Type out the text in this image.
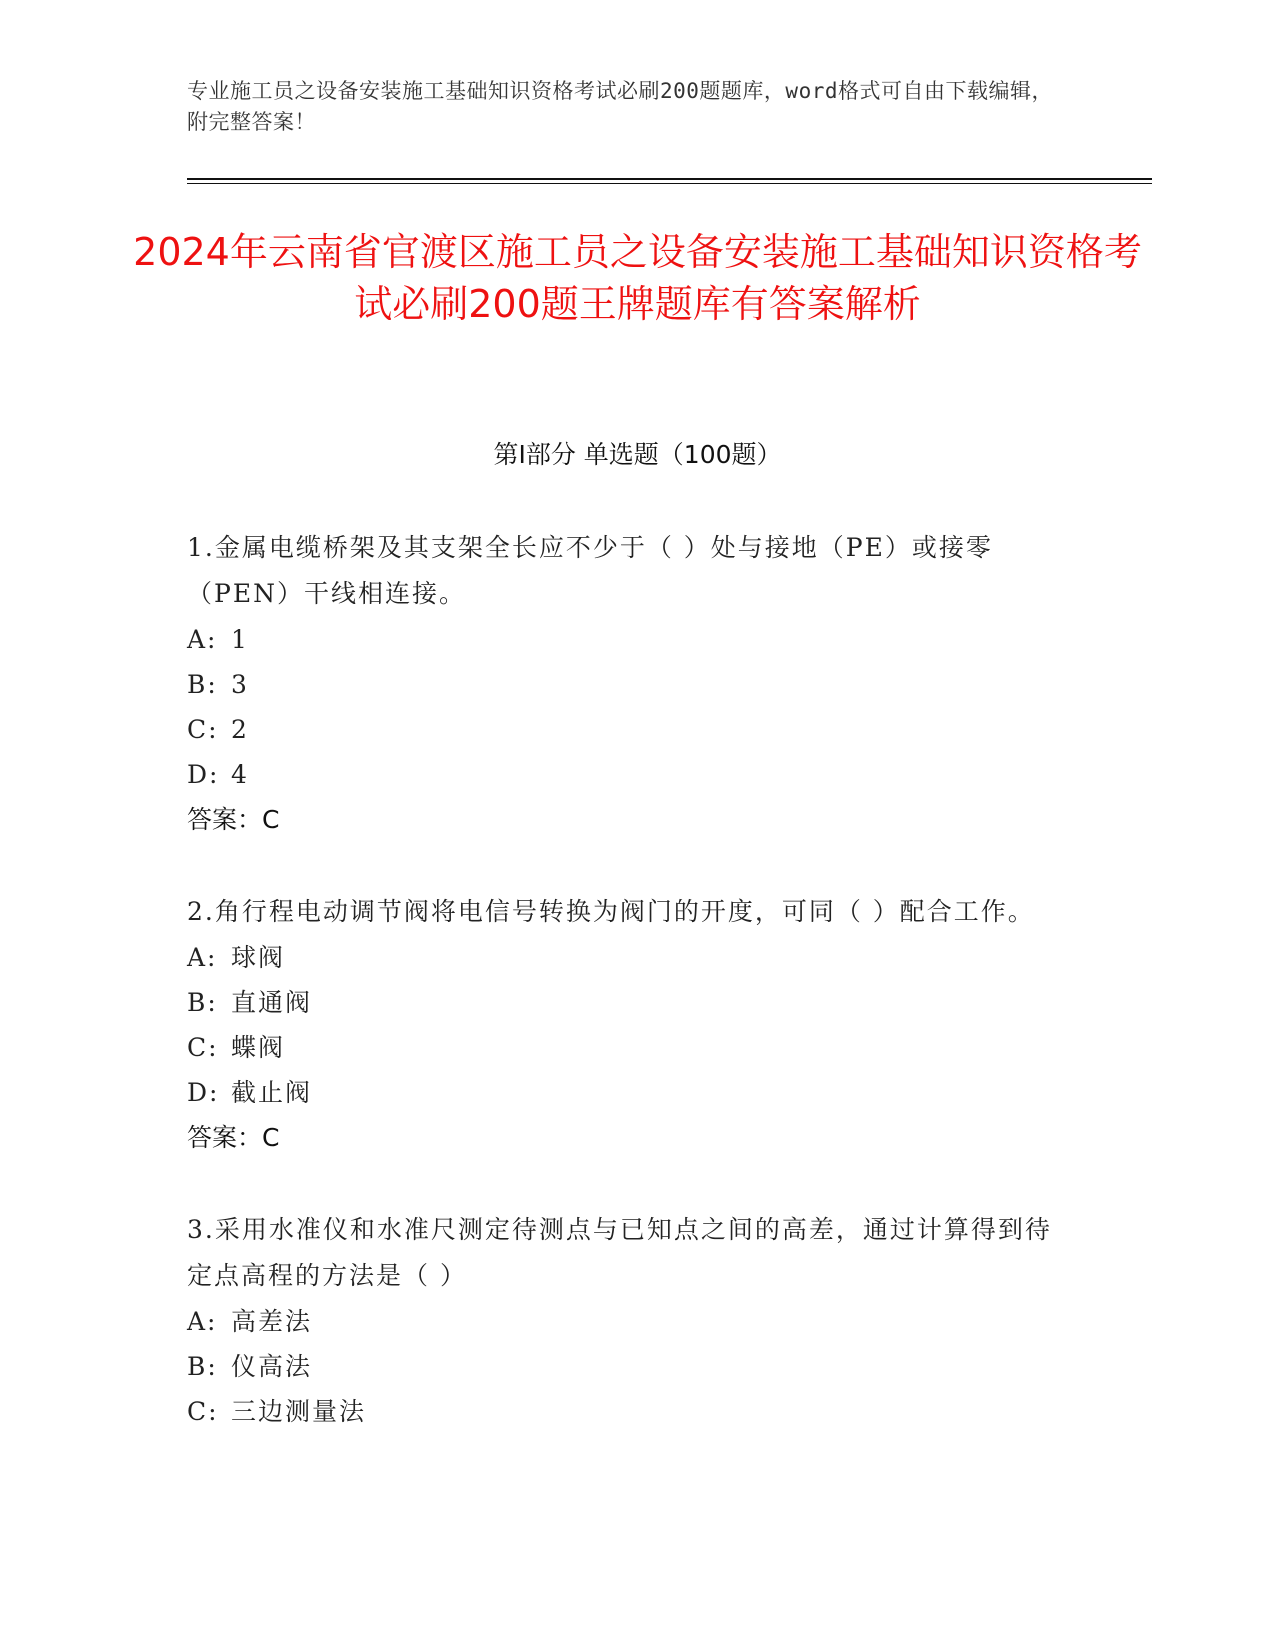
专业施工员之设备安装施工基础知识资格考试必刷200题题库，word格式可自由下载编辑，附完整答案！
2024年云南省官渡区施工员之设备安装施工基础知识资格考试必刷200题王牌题库有答案解析
第Ⅰ部分 单选题（100题）
1.金属电缆桥架及其支架全长应不少于（ ）处与接地（PE）或接零（PEN）干线相连接。
A: 1
B: 3
C: 2
D: 4
答案：C
2.角行程电动调节阀将电信号转换为阀门的开度，可同（ ）配合工作。
A: 球阀
B: 直通阀
C: 蝶阀
D: 截止阀
答案：C
3.采用水准仪和水准尺测定待测点与已知点之间的高差，通过计算得到待定点高程的方法是（ ）
A: 高差法
B: 仪高法
C: 三边测量法
